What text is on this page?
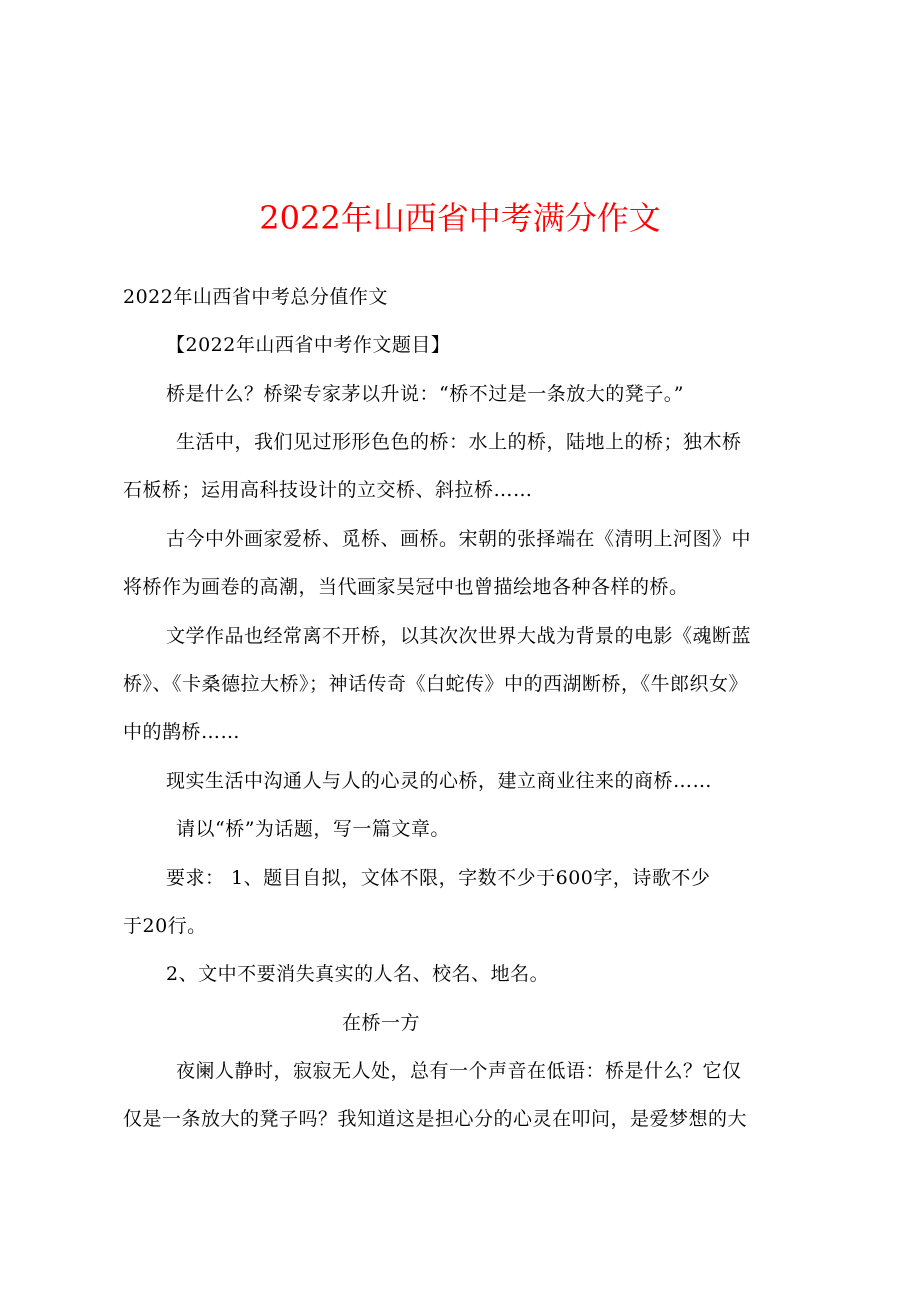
2022年山西省中考满分作文
2022年山西省中考总分值作文
【2022年山西省中考作文题目】
桥是什么？桥梁专家茅以升说：“桥不过是一条放大的凳子。”
生活中，我们见过形形色色的桥：水上的桥，陆地上的桥；独木桥
石板桥；运用高科技设计的立交桥、斜拉桥……
古今中外画家爱桥、觅桥、画桥。宋朝的张择端在《清明上河图》中
将桥作为画卷的高潮，当代画家吴冠中也曾描绘地各种各样的桥。
文学作品也经常离不开桥，以其次次世界大战为背景的电影《魂断蓝
桥》、《卡桑德拉大桥》；神话传奇《白蛇传》中的西湖断桥，《牛郎织女》
中的鹊桥……
现实生活中沟通人与人的心灵的心桥，建立商业往来的商桥……
请以“桥”为话题，写一篇文章。
要求： 1、题目自拟，文体不限，字数不少于600字，诗歌不少
于20行。
2、文中不要消失真实的人名、校名、地名。
在桥一方
夜阑人静时，寂寂无人处，总有一个声音在低语：桥是什么？它仅
仅是一条放大的凳子吗？我知道这是担心分的心灵在叩问，是爱梦想的大
